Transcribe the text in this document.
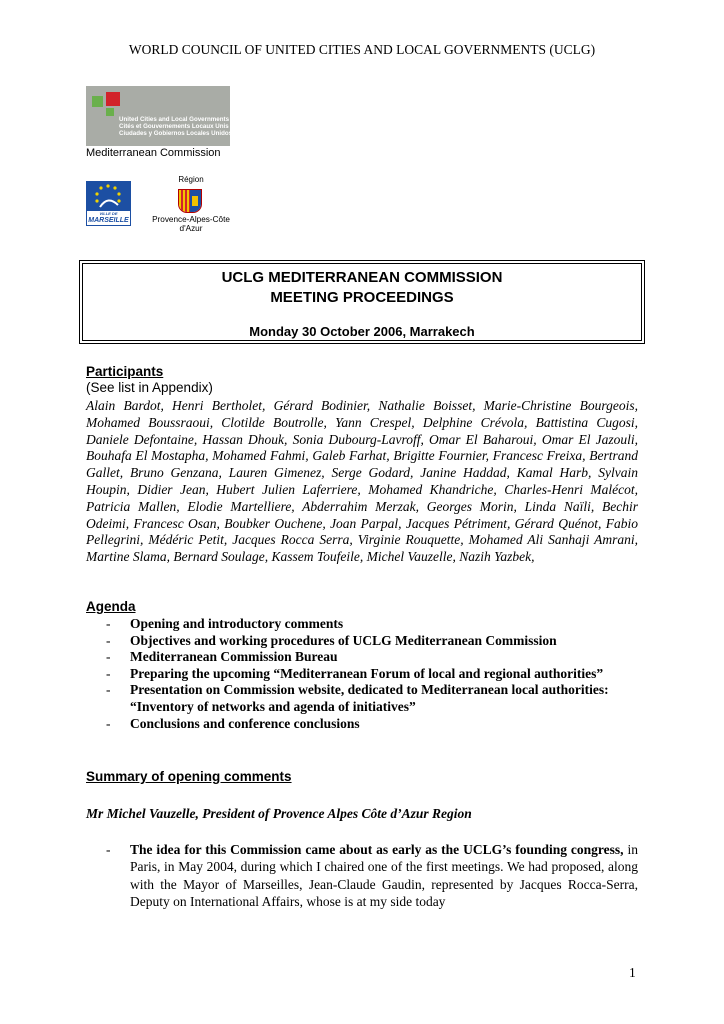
WORLD COUNCIL OF UNITED CITIES AND LOCAL GOVERNMENTS (UCLG)
United Cities and Local Governments
Cités et Gouvernements Locaux Unis
Ciudades y Gobiernos Locales Unidos
Mediterranean Commission
VILLE DE
MARSEILLE
Région
Provence-Alpes-Côte d'Azur
UCLG MEDITERRANEAN COMMISSION
MEETING PROCEEDINGS
Monday 30 October 2006, Marrakech
Participants
(See list in Appendix)

Alain Bardot, Henri Bertholet, Gérard Bodinier, Nathalie Boisset, Marie-Christine Bourgeois, Mohamed Boussraoui, Clotilde Boutrolle, Yann Crespel, Delphine Crévola, Battistina Cugosi, Daniele Defontaine, Hassan Dhouk, Sonia Dubourg-Lavroff, Omar El Baharoui, Omar El Jazouli, Bouhafa El Mostapha, Mohamed Fahmi, Galeb Farhat, Brigitte Fournier, Francesc Freixa, Bertrand Gallet, Bruno Genzana, Lauren Gimenez, Serge Godard, Janine Haddad, Kamal Harb, Sylvain Houpin, Didier Jean, Hubert Julien Laferriere, Mohamed Khandriche, Charles-Henri Malécot, Patricia Mallen, Elodie Martelliere, Abderrahim Merzak, Georges Morin, Linda Naïli, Bechir Odeimi, Francesc Osan, Boubker Ouchene, Joan Parpal, Jacques Pétriment, Gérard Quénot, Fabio Pellegrini, Médéric Petit, Jacques Rocca Serra, Virginie Rouquette, Mohamed Ali Sanhaji Amrani, Martine Slama, Bernard Soulage, Kassem Toufeile, Michel Vauzelle, Nazih Yazbek,

Agenda
- Opening and introductory comments
- Objectives and working procedures of UCLG Mediterranean Commission
- Mediterranean Commission Bureau
- Preparing the upcoming “Mediterranean Forum of local and regional authorities”
- Presentation on Commission website, dedicated to Mediterranean local authorities: “Inventory of networks and agenda of initiatives”
- Conclusions and conference conclusions
Summary of opening comments
Mr Michel Vauzelle, President of Provence Alpes Côte d’Azur Region
- The idea for this Commission came about as early as the UCLG’s founding congress, in Paris, in May 2004, during which I chaired one of the first meetings. We had proposed, along with the Mayor of Marseilles, Jean-Claude Gaudin, represented by Jacques Rocca-Serra, Deputy on International Affairs, whose is at my side today
1
